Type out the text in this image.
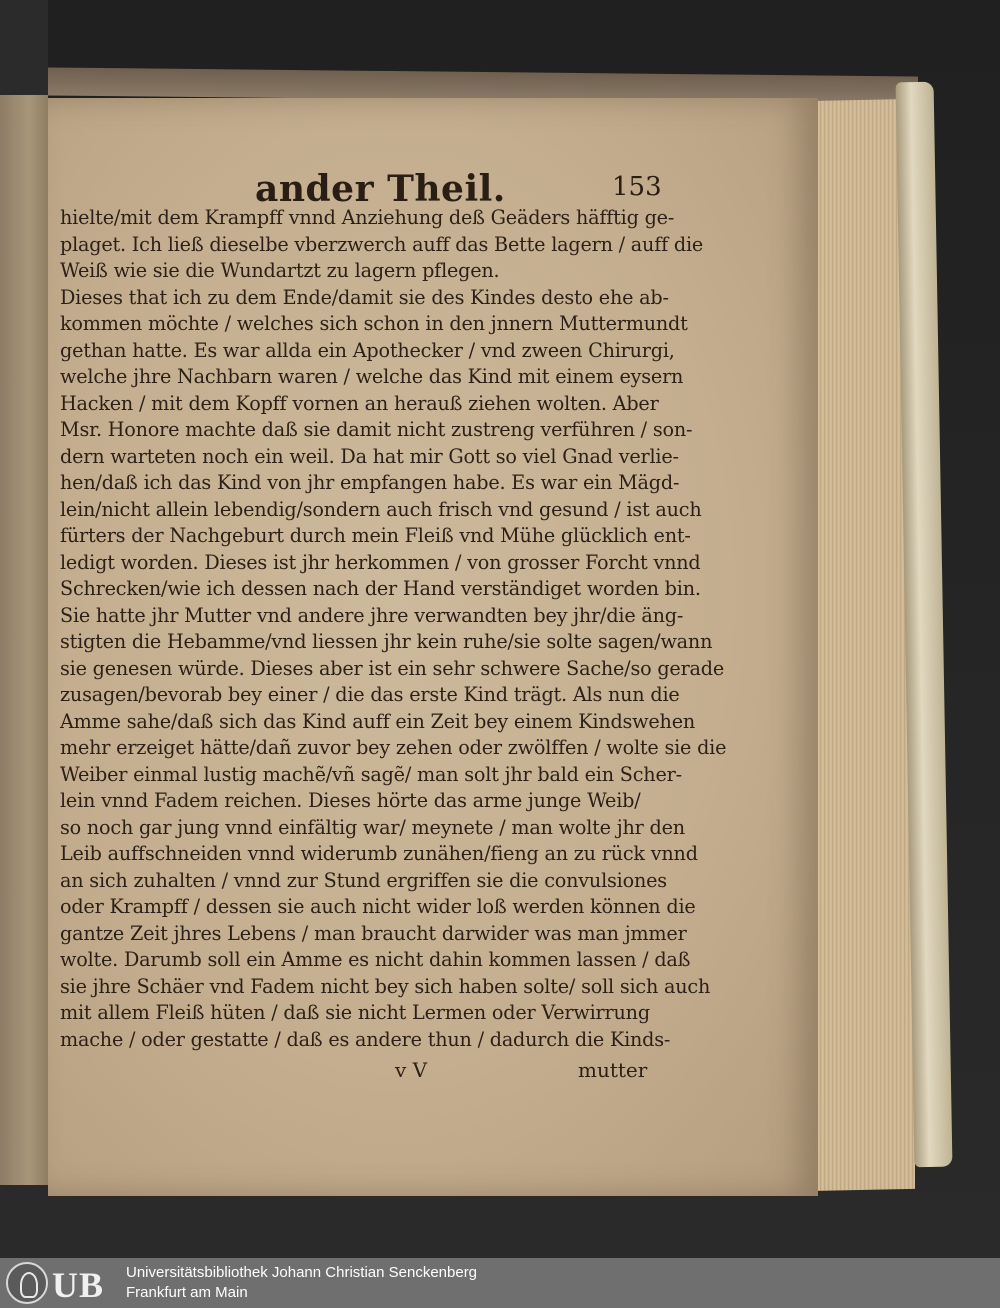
ander Theil.	153
hielte/mit dem Krampff vnnd Anziehung deß Geäders häfftig ge-
plaget. Ich ließ dieselbe vberzwerch auff das Bette lagern / auff die
Weiß wie sie die Wundartzt zu lagern pflegen.
Dieses that ich zu dem Ende/damit sie des Kindes desto ehe ab-
kommen möchte / welches sich schon in den jnnern Muttermundt
gethan hatte. Es war allda ein Apothecker / vnd zween Chirurgi,
welche jhre Nachbarn waren / welche das Kind mit einem eysern
Hacken / mit dem Kopff vornen an herauß ziehen wolten. Aber
Msr. Honore machte daß sie damit nicht zustreng verführen / son-
dern warteten noch ein weil. Da hat mir Gott so viel Gnad verlie-
hen/daß ich das Kind von jhr empfangen habe. Es war ein Mägd-
lein/nicht allein lebendig/sondern auch frisch vnd gesund / ist auch
fürters der Nachgeburt durch mein Fleiß vnd Mühe glücklich ent-
ledigt worden. Dieses ist jhr herkommen / von grosser Forcht vnnd
Schrecken/wie ich dessen nach der Hand verständiget worden bin.
Sie hatte jhr Mutter vnd andere jhre verwandten bey jhr/die äng-
stigten die Hebamme/vnd liessen jhr kein ruhe/sie solte sagen/wann
sie genesen würde. Dieses aber ist ein sehr schwere Sache/so gerade
zusagen/bevorab bey einer / die das erste Kind trägt. Als nun die
Amme sahe/daß sich das Kind auff ein Zeit bey einem Kindswehen
mehr erzeiget hätte/dañ zuvor bey zehen oder zwölffen / wolte sie die
Weiber einmal lustig machẽ/vñ sagẽ/ man solt jhr bald ein Scher-
lein vnnd Fadem reichen. Dieses hörte das arme junge Weib/
so noch gar jung vnnd einfältig war/ meynete / man wolte jhr den
Leib auffschneiden vnnd widerumb zunähen/fieng an zu rück vnnd
an sich zuhalten / vnnd zur Stund ergriffen sie die convulsiones
oder Krampff / dessen sie auch nicht wider loß werden können die
gantze Zeit jhres Lebens / man braucht darwider was man jmmer
wolte. Darumb soll ein Amme es nicht dahin kommen lassen / daß
sie jhre Schäer vnd Fadem nicht bey sich haben solte/ soll sich auch
mit allem Fleiß hüten / daß sie nicht Lermen oder Verwirrung
mache / oder gestatte / daß es andere thun / dadurch die Kinds-
v V	mutter
UB Universitätsbibliothek Johann Christian Senckenberg
Frankfurt am Main
